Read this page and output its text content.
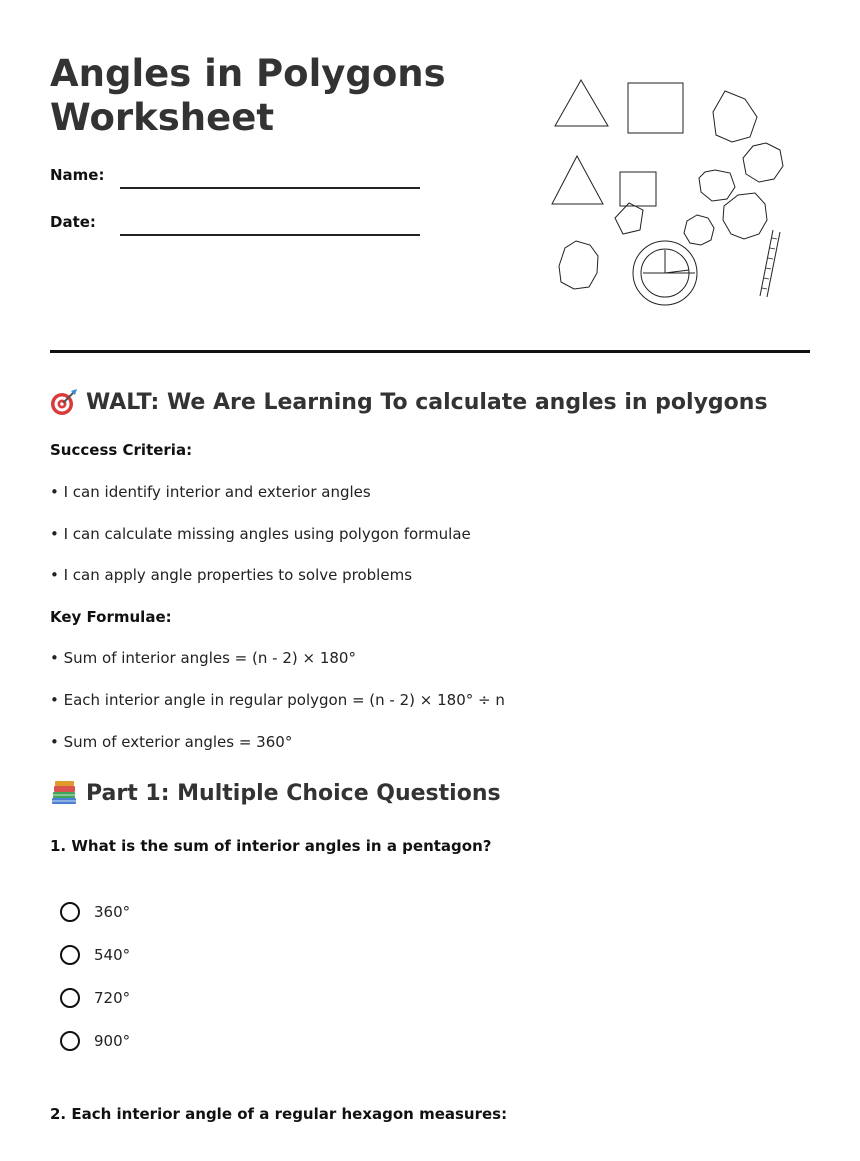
Angles in Polygons Worksheet
Name:
Date:
WALT: We Are Learning To calculate angles in polygons
Success Criteria:
• I can identify interior and exterior angles
• I can calculate missing angles using polygon formulae
• I can apply angle properties to solve problems
Key Formulae:
• Sum of interior angles = (n - 2) × 180°
• Each interior angle in regular polygon = (n - 2) × 180° ÷ n
• Sum of exterior angles = 360°
Part 1: Multiple Choice Questions
1. What is the sum of interior angles in a pentagon?
360°
540°
720°
900°
2. Each interior angle of a regular hexagon measures:
